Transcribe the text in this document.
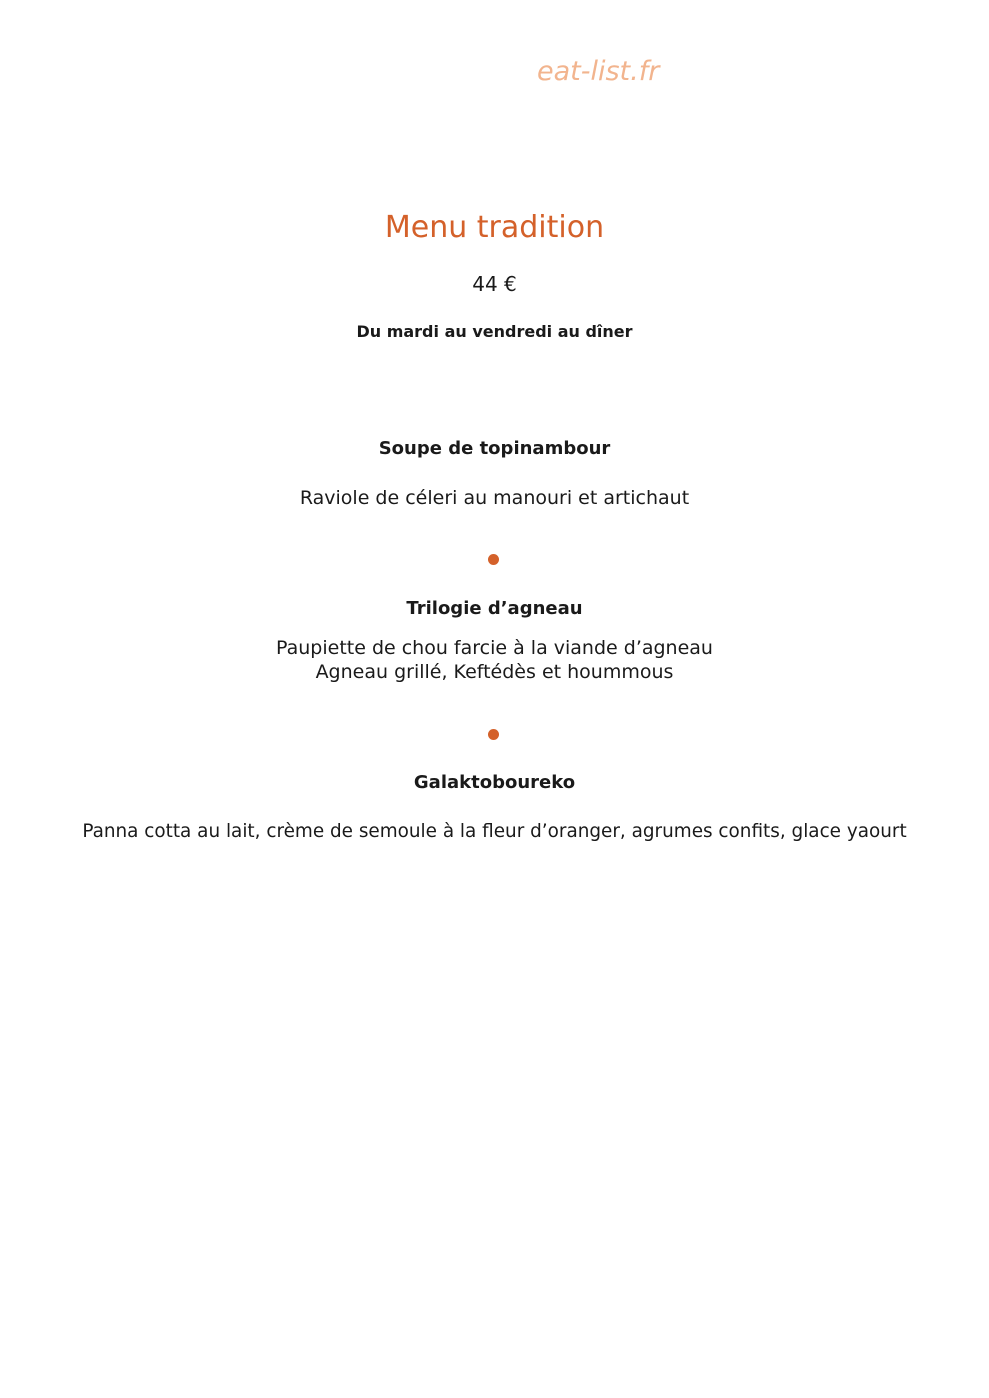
eat-list.fr
Menu tradition
44 €
Du mardi au vendredi au dîner
Soupe de topinambour
Raviole de céleri au manouri et artichaut
Trilogie d’agneau
Paupiette de chou farcie à la viande d’agneau
Agneau grillé, Keftédès et hoummous
Galaktoboureko
Panna cotta au lait, crème de semoule à la fleur d’oranger, agrumes confits, glace yaourt
